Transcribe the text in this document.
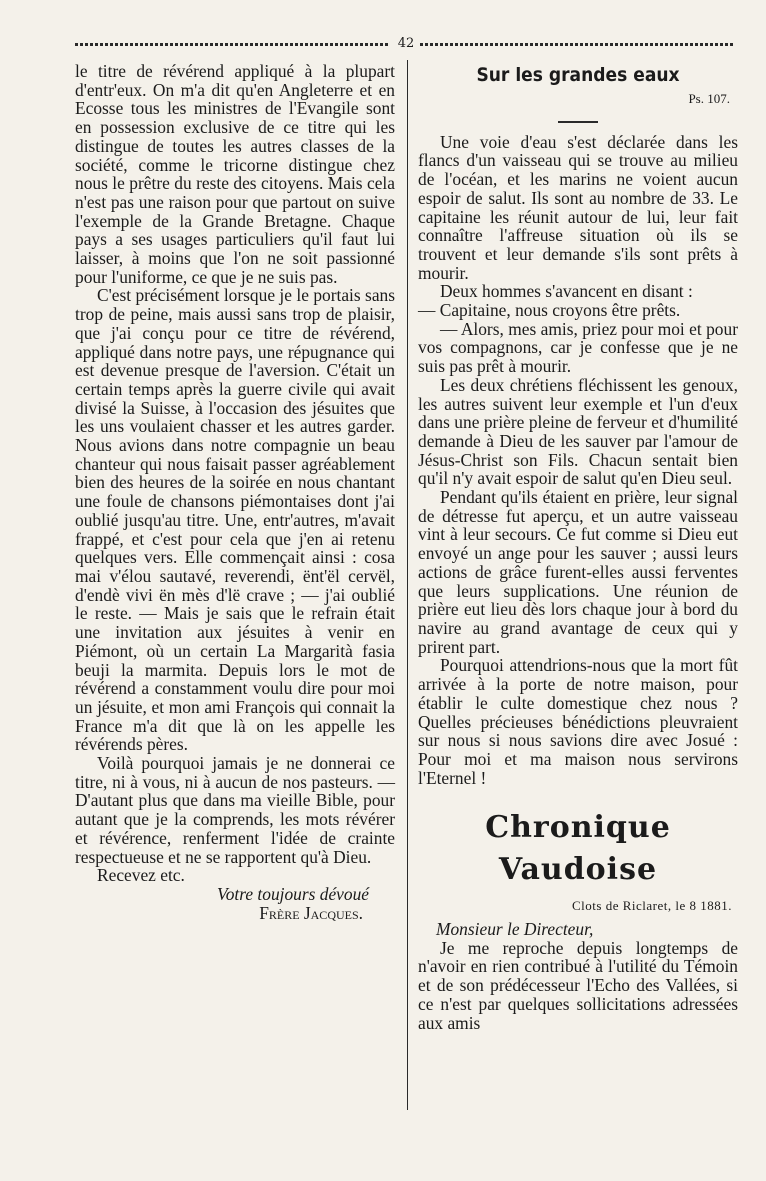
42

le titre de révérend appliqué à la plupart d'entr'eux. On m'a dit qu'en Angleterre et en Ecosse tous les ministres de l'Evangile sont en possession exclusive de ce titre qui les distingue de toutes les autres classes de la société, comme le tricorne distingue chez nous le prêtre du reste des citoyens. Mais cela n'est pas une raison pour que partout on suive l'exemple de la Grande Bretagne. Chaque pays a ses usages particuliers qu'il faut lui laisser, à moins que l'on ne soit passionné pour l'uniforme, ce que je ne suis pas.

C'est précisément lorsque je le portais sans trop de peine, mais aussi sans trop de plaisir, que j'ai conçu pour ce titre de révérend, appliqué dans notre pays, une répugnance qui est devenue presque de l'aversion. C'était un certain temps après la guerre civile qui avait divisé la Suisse, à l'occasion des jésuites que les uns voulaient chasser et les autres garder. Nous avions dans notre compagnie un beau chanteur qui nous faisait passer agréablement bien des heures de la soirée en nous chantant une foule de chansons piémontaises dont j'ai oublié jusqu'au titre. Une, entr'autres, m'avait frappé, et c'est pour cela que j'en ai retenu quelques vers. Elle commençait ainsi : cosa mai v'élou sautavé, reverendi, ënt'ël cervël, d'endè vivi ën mès d'lë crave ; — j'ai oublié le reste. — Mais je sais que le refrain était une invitation aux jésuites à venir en Piémont, où un certain La Margarità fasia beuji la marmita. Depuis lors le mot de révérend a constamment voulu dire pour moi un jésuite, et mon ami François qui connait la France m'a dit que là on les appelle les révérends pères.

Voilà pourquoi jamais je ne donnerai ce titre, ni à vous, ni à aucun de nos pasteurs. — D'autant plus que dans ma vieille Bible, pour autant que je la comprends, les mots révérer et révérence, renferment l'idée de crainte respectueuse et ne se rapportent qu'à Dieu.

Recevez etc.

Votre toujours dévoué

Frère Jacques.

Sur les grandes eaux
Ps. 107.

Une voie d'eau s'est déclarée dans les flancs d'un vaisseau qui se trouve au milieu de l'océan, et les marins ne voient aucun espoir de salut. Ils sont au nombre de 33. Le capitaine les réunit autour de lui, leur fait connaître l'affreuse situation où ils se trouvent et leur demande s'ils sont prêts à mourir.

Deux hommes s'avancent en disant :

— Capitaine, nous croyons être prêts.

— Alors, mes amis, priez pour moi et pour vos compagnons, car je confesse que je ne suis pas prêt à mourir.

Les deux chrétiens fléchissent les genoux, les autres suivent leur exemple et l'un d'eux dans une prière pleine de ferveur et d'humilité demande à Dieu de les sauver par l'amour de Jésus-Christ son Fils. Chacun sentait bien qu'il n'y avait espoir de salut qu'en Dieu seul.

Pendant qu'ils étaient en prière, leur signal de détresse fut aperçu, et un autre vaisseau vint à leur secours. Ce fut comme si Dieu eut envoyé un ange pour les sauver ; aussi leurs actions de grâce furent-elles aussi ferventes que leurs supplications. Une réunion de prière eut lieu dès lors chaque jour à bord du navire au grand avantage de ceux qui y prirent part.

Pourquoi attendrions-nous que la mort fût arrivée à la porte de notre maison, pour établir le culte domestique chez nous ? Quelles précieuses bénédictions pleuvraient sur nous si nous savions dire avec Josué : Pour moi et ma maison nous servirons l'Eternel !

Chronique Vaudoise
Clots de Riclaret, le 8 1881.

Monsieur le Directeur,

Je me reproche depuis longtemps de n'avoir en rien contribué à l'utilité du Témoin et de son prédécesseur l'Echo des Vallées, si ce n'est par quelques sollicitations adressées aux amis
